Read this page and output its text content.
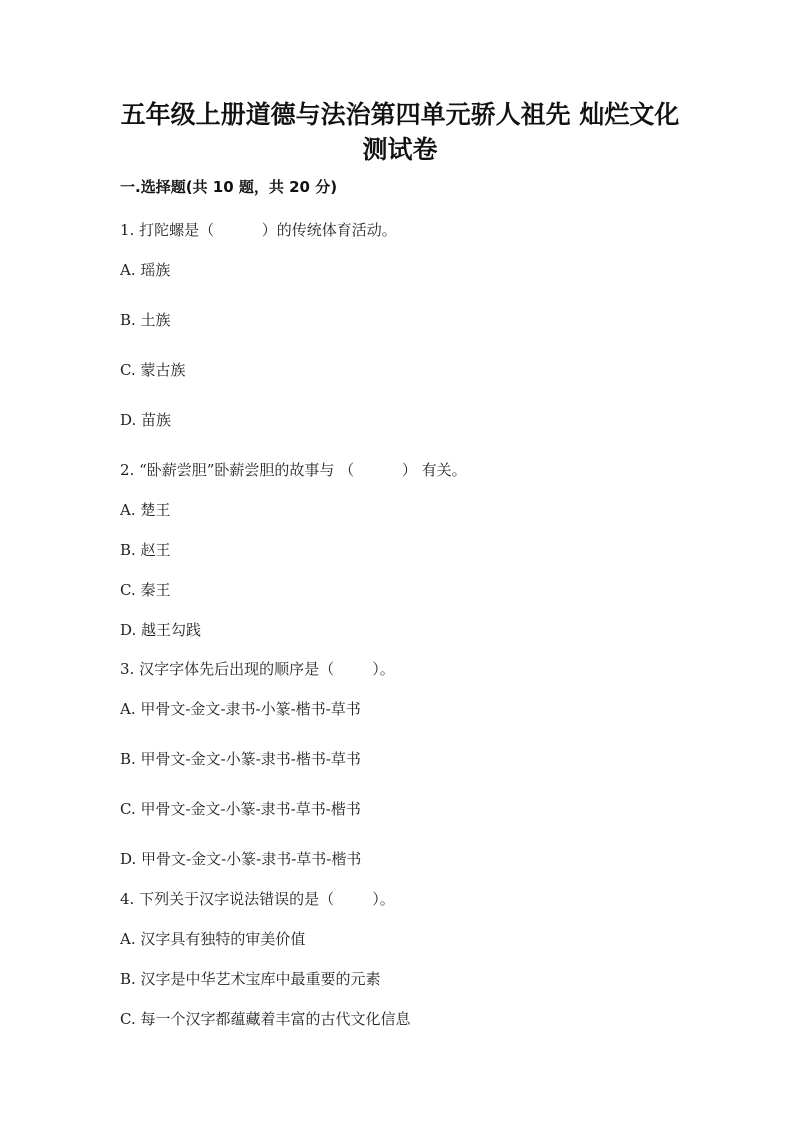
五年级上册道德与法治第四单元骄人祖先 灿烂文化
测试卷
一.选择题(共 10 题，共 20 分)
1. 打陀螺是（          ）的传统体育活动。
A. 瑶族
B. 土族
C. 蒙古族
D. 苗族
2. “卧薪尝胆”卧薪尝胆的故事与 （          ） 有关。
A. 楚王
B. 赵王
C. 秦王
D. 越王勾践
3. 汉字字体先后出现的顺序是（        ）。
A. 甲骨文-金文-隶书-小篆-楷书-草书
B. 甲骨文-金文-小篆-隶书-楷书-草书
C. 甲骨文-金文-小篆-隶书-草书-楷书
D. 甲骨文-金文-小篆-隶书-草书-楷书
4. 下列关于汉字说法错误的是（        ）。
A. 汉字具有独特的审美价值
B. 汉字是中华艺术宝库中最重要的元素
C. 每一个汉字都蕴藏着丰富的古代文化信息
